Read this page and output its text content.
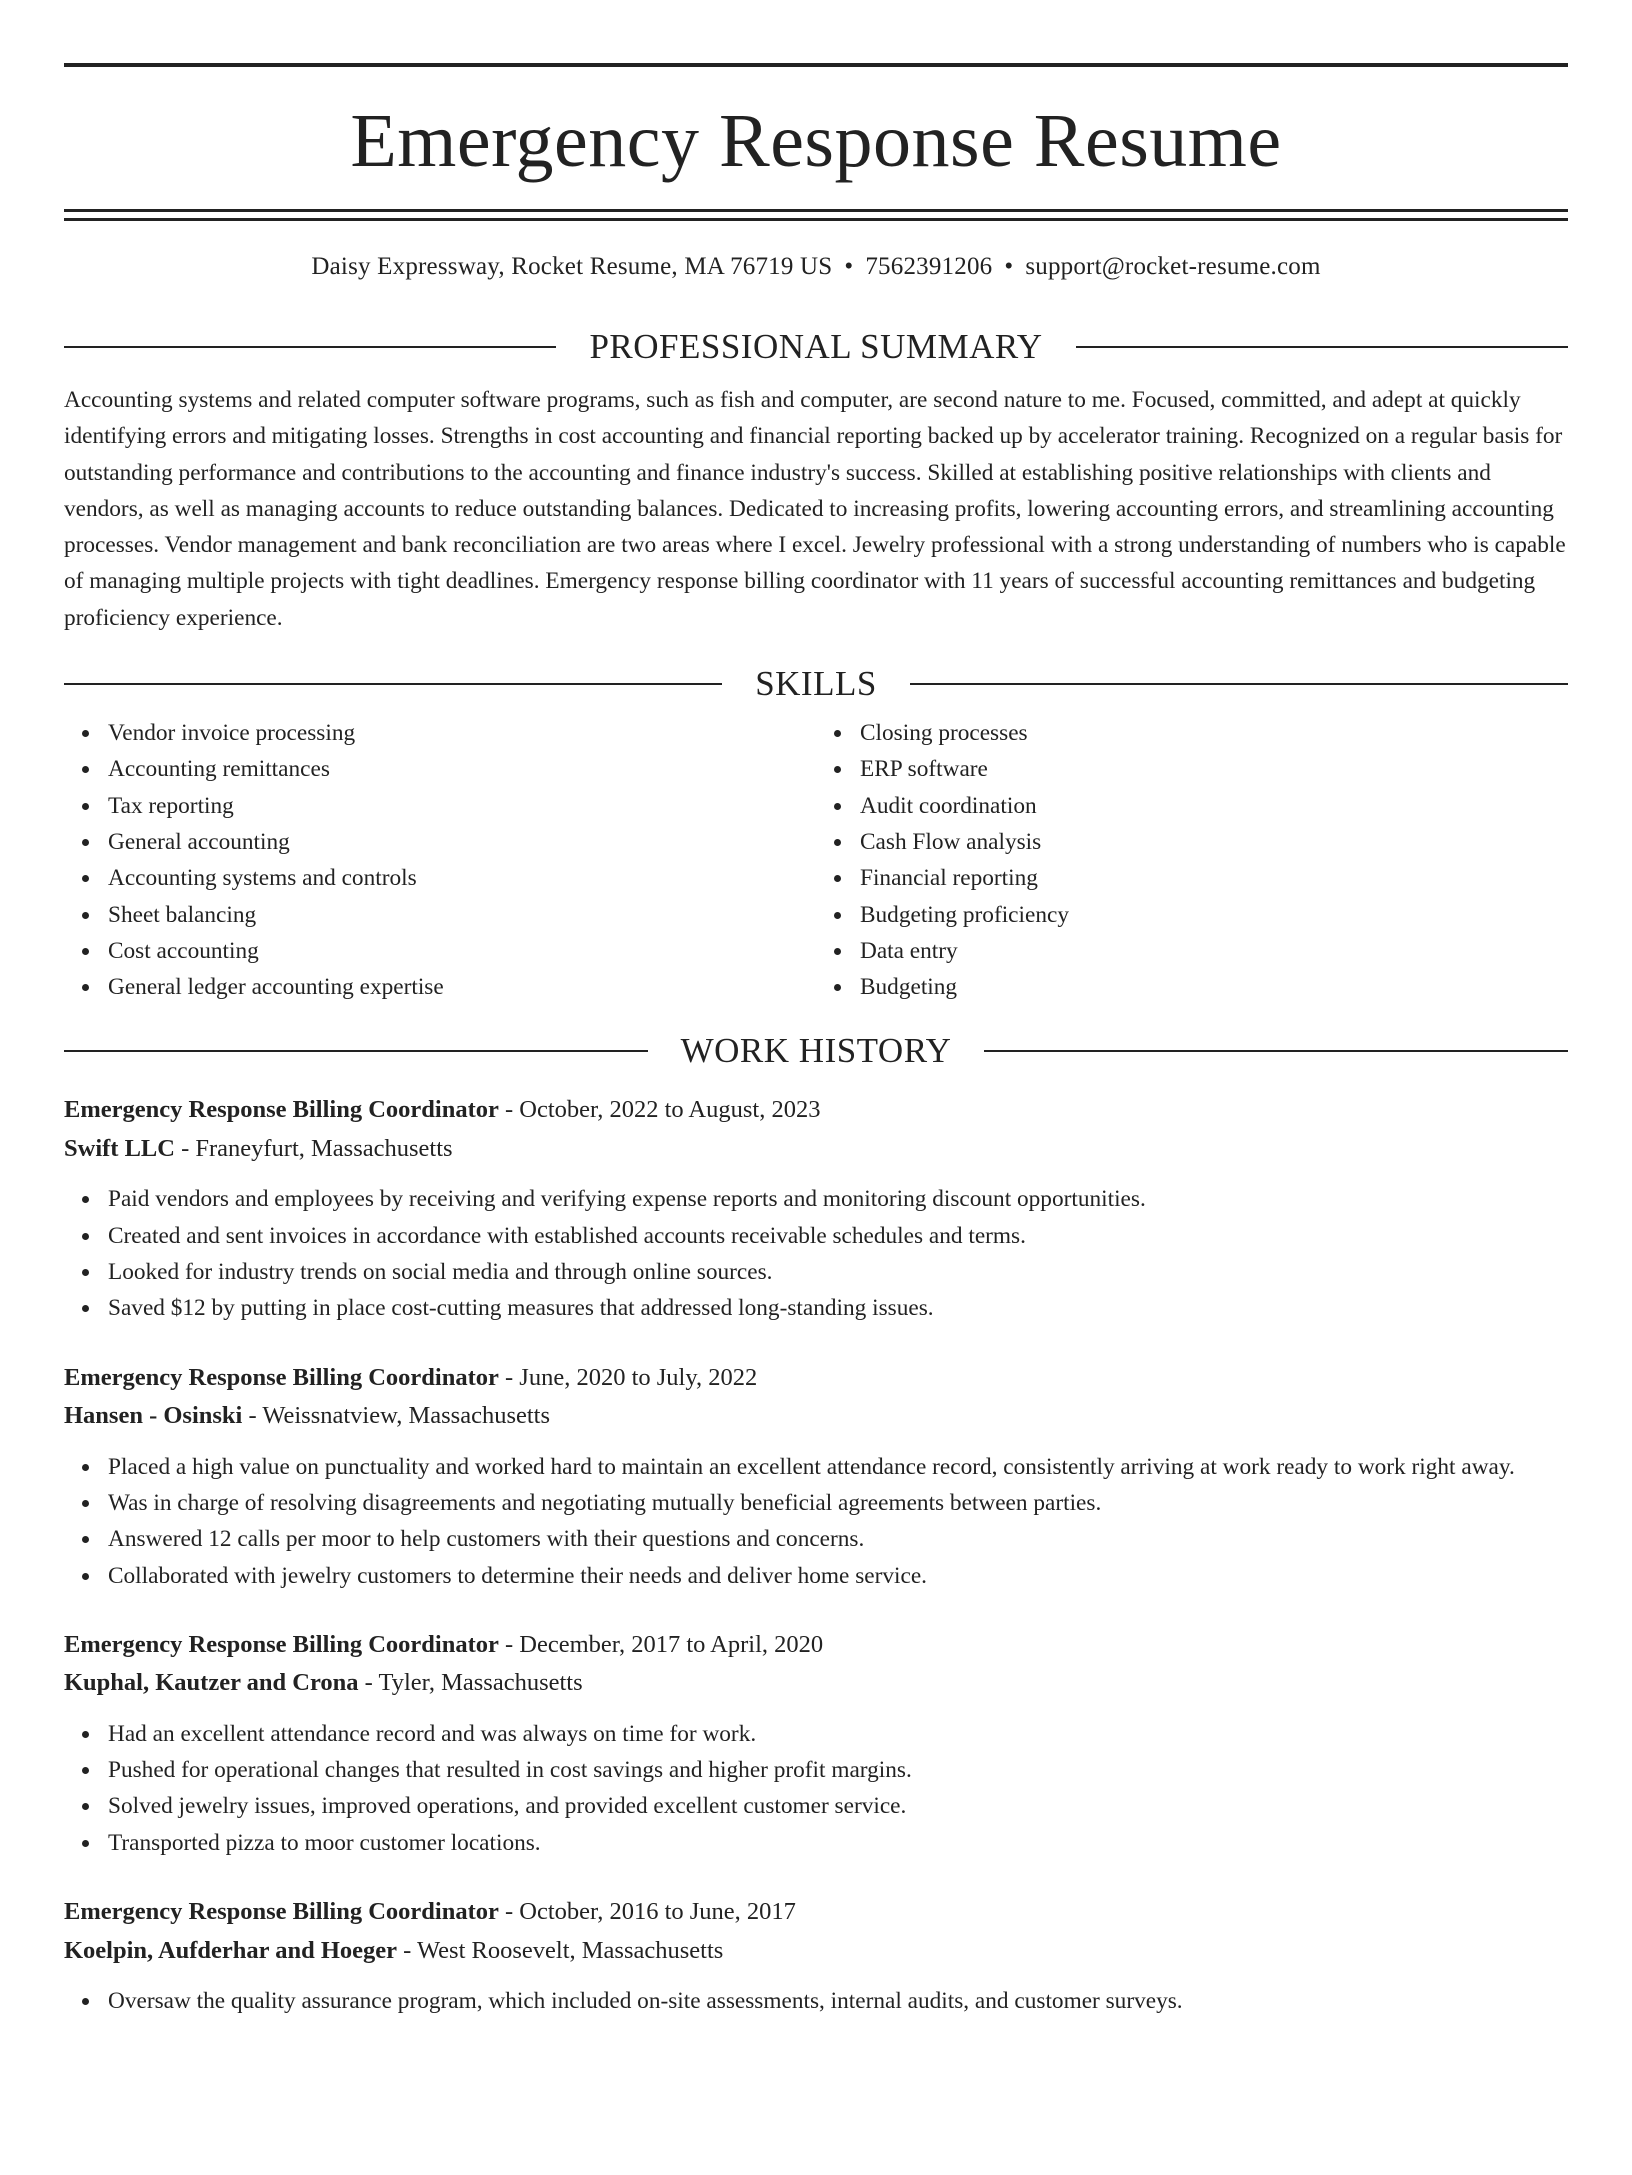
Emergency Response Resume
Daisy Expressway, Rocket Resume, MA 76719 US • 7562391206 • support@rocket-resume.com
PROFESSIONAL SUMMARY

Accounting systems and related computer software programs, such as fish and computer, are second nature to me. Focused, committed, and adept at quickly identifying errors and mitigating losses. Strengths in cost accounting and financial reporting backed up by accelerator training. Recognized on a regular basis for outstanding performance and contributions to the accounting and finance industry's success. Skilled at establishing positive relationships with clients and vendors, as well as managing accounts to reduce outstanding balances. Dedicated to increasing profits, lowering accounting errors, and streamlining accounting processes. Vendor management and bank reconciliation are two areas where I excel. Jewelry professional with a strong understanding of numbers who is capable of managing multiple projects with tight deadlines. Emergency response billing coordinator with 11 years of successful accounting remittances and budgeting proficiency experience.

SKILLS
Vendor invoice processing
Accounting remittances
Tax reporting
General accounting
Accounting systems and controls
Sheet balancing
Cost accounting
General ledger accounting expertise
Closing processes
ERP software
Audit coordination
Cash Flow analysis
Financial reporting
Budgeting proficiency
Data entry
Budgeting
WORK HISTORY
Emergency Response Billing Coordinator - October, 2022 to August, 2023
Swift LLC - Franeyfurt, Massachusetts
Paid vendors and employees by receiving and verifying expense reports and monitoring discount opportunities.
Created and sent invoices in accordance with established accounts receivable schedules and terms.
Looked for industry trends on social media and through online sources.
Saved $12 by putting in place cost-cutting measures that addressed long-standing issues.
Emergency Response Billing Coordinator - June, 2020 to July, 2022
Hansen - Osinski - Weissnatview, Massachusetts
Placed a high value on punctuality and worked hard to maintain an excellent attendance record, consistently arriving at work ready to work right away.
Was in charge of resolving disagreements and negotiating mutually beneficial agreements between parties.
Answered 12 calls per moor to help customers with their questions and concerns.
Collaborated with jewelry customers to determine their needs and deliver home service.
Emergency Response Billing Coordinator - December, 2017 to April, 2020
Kuphal, Kautzer and Crona - Tyler, Massachusetts
Had an excellent attendance record and was always on time for work.
Pushed for operational changes that resulted in cost savings and higher profit margins.
Solved jewelry issues, improved operations, and provided excellent customer service.
Transported pizza to moor customer locations.
Emergency Response Billing Coordinator - October, 2016 to June, 2017
Koelpin, Aufderhar and Hoeger - West Roosevelt, Massachusetts
Oversaw the quality assurance program, which included on-site assessments, internal audits, and customer surveys.
